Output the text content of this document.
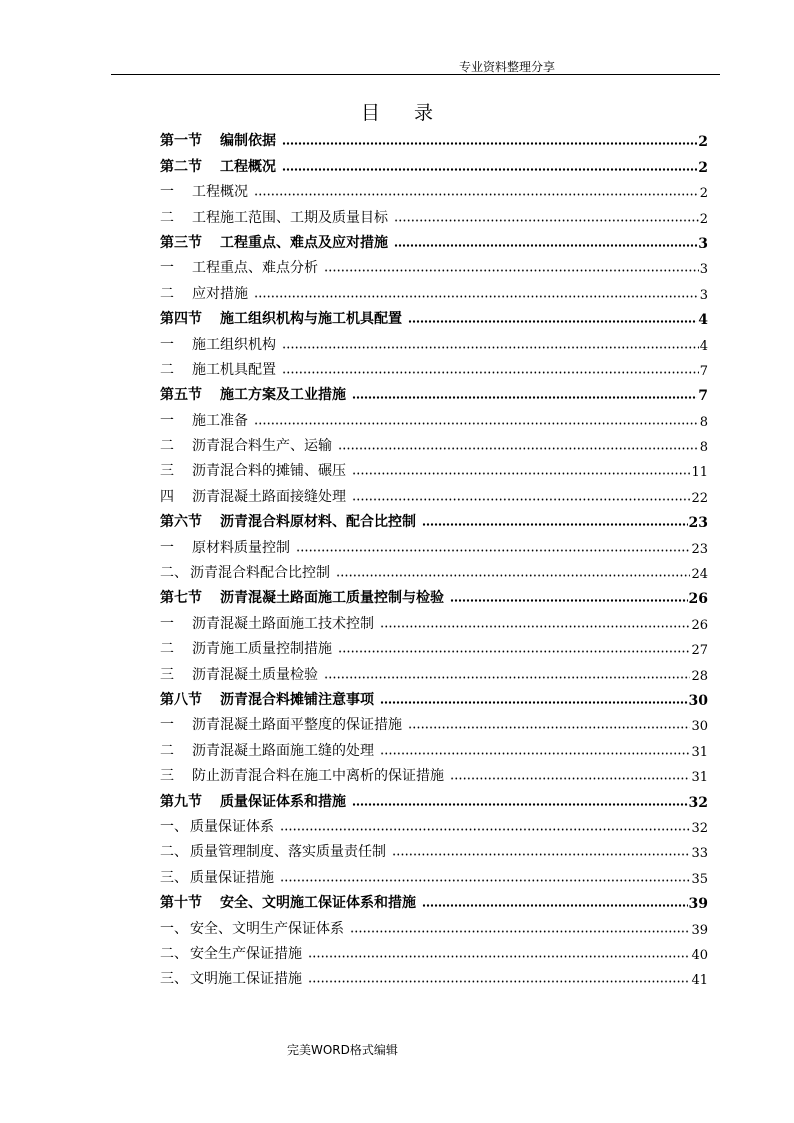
专业资料整理分享
目 录
第一节 编制依据	2
第二节 工程概况	2
一 工程概况	2
二 工程施工范围、工期及质量目标	2
第三节 工程重点、难点及应对措施	3
一 工程重点、难点分析	3
二 应对措施	3
第四节 施工组织机构与施工机具配置	4
一 施工组织机构	4
二 施工机具配置	7
第五节 施工方案及工业措施	7
一 施工准备	8
二 沥青混合料生产、运输	8
三 沥青混合料的摊铺、碾压	11
四 沥青混凝土路面接缝处理	22
第六节 沥青混合料原材料、配合比控制	23
一 原材料质量控制	23
二、 沥青混合料配合比控制	24
第七节 沥青混凝土路面施工质量控制与检验	26
一 沥青混凝土路面施工技术控制	26
二 沥青施工质量控制措施	27
三 沥青混凝土质量检验	28
第八节 沥青混合料摊铺注意事项	30
一 沥青混凝土路面平整度的保证措施	30
二 沥青混凝土路面施工缝的处理	31
三 防止沥青混合料在施工中离析的保证措施	31
第九节 质量保证体系和措施	32
一、 质量保证体系	32
二、 质量管理制度、落实质量责任制	33
三、 质量保证措施	35
第十节 安全、文明施工保证体系和措施	39
一、 安全、文明生产保证体系	39
二、 安全生产保证措施	40
三、 文明施工保证措施	41
完美WORD格式编辑
